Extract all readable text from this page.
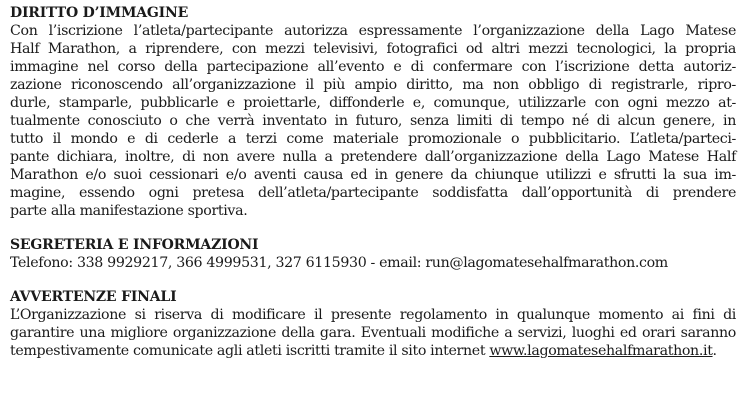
DIRITTO D’IMMAGINE
Con l’iscrizione l’atleta/partecipante autorizza espressamente l’organizzazione della Lago Matese
Half Marathon, a riprendere, con mezzi televisivi, fotografici od altri mezzi tecnologici, la propria
immagine nel corso della partecipazione all’evento e di confermare con l’iscrizione detta autoriz-
zazione riconoscendo all’organizzazione il più ampio diritto, ma non obbligo di registrarle, ripro-
durle, stamparle, pubblicarle e proiettarle, diffonderle e, comunque, utilizzarle con ogni mezzo at-
tualmente conosciuto o che verrà inventato in futuro, senza limiti di tempo né di alcun genere, in
tutto il mondo e di cederle a terzi come materiale promozionale o pubblicitario. L’atleta/parteci-
pante dichiara, inoltre, di non avere nulla a pretendere dall’organizzazione della Lago Matese Half
Marathon e/o suoi cessionari e/o aventi causa ed in genere da chiunque utilizzi e sfrutti la sua im-
magine, essendo ogni pretesa dell’atleta/partecipante soddisfatta dall’opportunità di prendere
parte alla manifestazione sportiva.
SEGRETERIA E INFORMAZIONI
Telefono: 338 9929217, 366 4999531, 327 6115930 - email: run@lagomatesehalfmarathon.com
AVVERTENZE FINALI
L’Organizzazione si riserva di modificare il presente regolamento in qualunque momento ai fini di
garantire una migliore organizzazione della gara. Eventuali modifiche a servizi, luoghi ed orari saranno
tempestivamente comunicate agli atleti iscritti tramite il sito internet www.lagomatesehalfmarathon.it.
